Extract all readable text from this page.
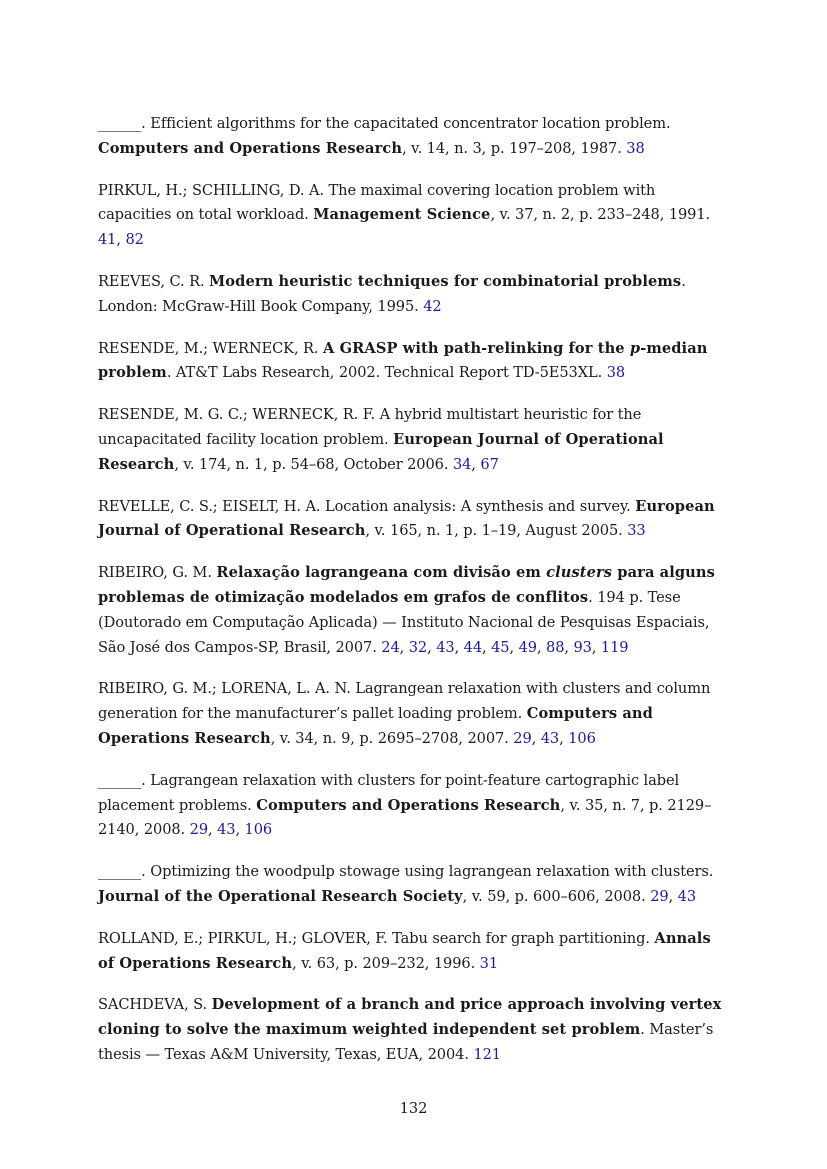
______. Efficient algorithms for the capacitated concentrator location problem. Computers and Operations Research, v. 14, n. 3, p. 197–208, 1987. 38

PIRKUL, H.; SCHILLING, D. A. The maximal covering location problem with capacities on total workload. Management Science, v. 37, n. 2, p. 233–248, 1991. 41, 82

REEVES, C. R. Modern heuristic techniques for combinatorial problems. London: McGraw-Hill Book Company, 1995. 42

RESENDE, M.; WERNECK, R. A GRASP with path-relinking for the p-median problem. AT&T Labs Research, 2002. Technical Report TD-5E53XL. 38

RESENDE, M. G. C.; WERNECK, R. F. A hybrid multistart heuristic for the uncapacitated facility location problem. European Journal of Operational Research, v. 174, n. 1, p. 54–68, October 2006. 34, 67

REVELLE, C. S.; EISELT, H. A. Location analysis: A synthesis and survey. European Journal of Operational Research, v. 165, n. 1, p. 1–19, August 2005. 33

RIBEIRO, G. M. Relaxação lagrangeana com divisão em clusters para alguns problemas de otimização modelados em grafos de conflitos. 194 p. Tese (Doutorado em Computação Aplicada) — Instituto Nacional de Pesquisas Espaciais, São José dos Campos-SP, Brasil, 2007. 24, 32, 43, 44, 45, 49, 88, 93, 119

RIBEIRO, G. M.; LORENA, L. A. N. Lagrangean relaxation with clusters and column generation for the manufacturer’s pallet loading problem. Computers and Operations Research, v. 34, n. 9, p. 2695–2708, 2007. 29, 43, 106

______. Lagrangean relaxation with clusters for point-feature cartographic label placement problems. Computers and Operations Research, v. 35, n. 7, p. 2129–2140, 2008. 29, 43, 106

______. Optimizing the woodpulp stowage using lagrangean relaxation with clusters. Journal of the Operational Research Society, v. 59, p. 600–606, 2008. 29, 43

ROLLAND, E.; PIRKUL, H.; GLOVER, F. Tabu search for graph partitioning. Annals of Operations Research, v. 63, p. 209–232, 1996. 31

SACHDEVA, S. Development of a branch and price approach involving vertex cloning to solve the maximum weighted independent set problem. Master’s thesis — Texas A&M University, Texas, EUA, 2004. 121

132
